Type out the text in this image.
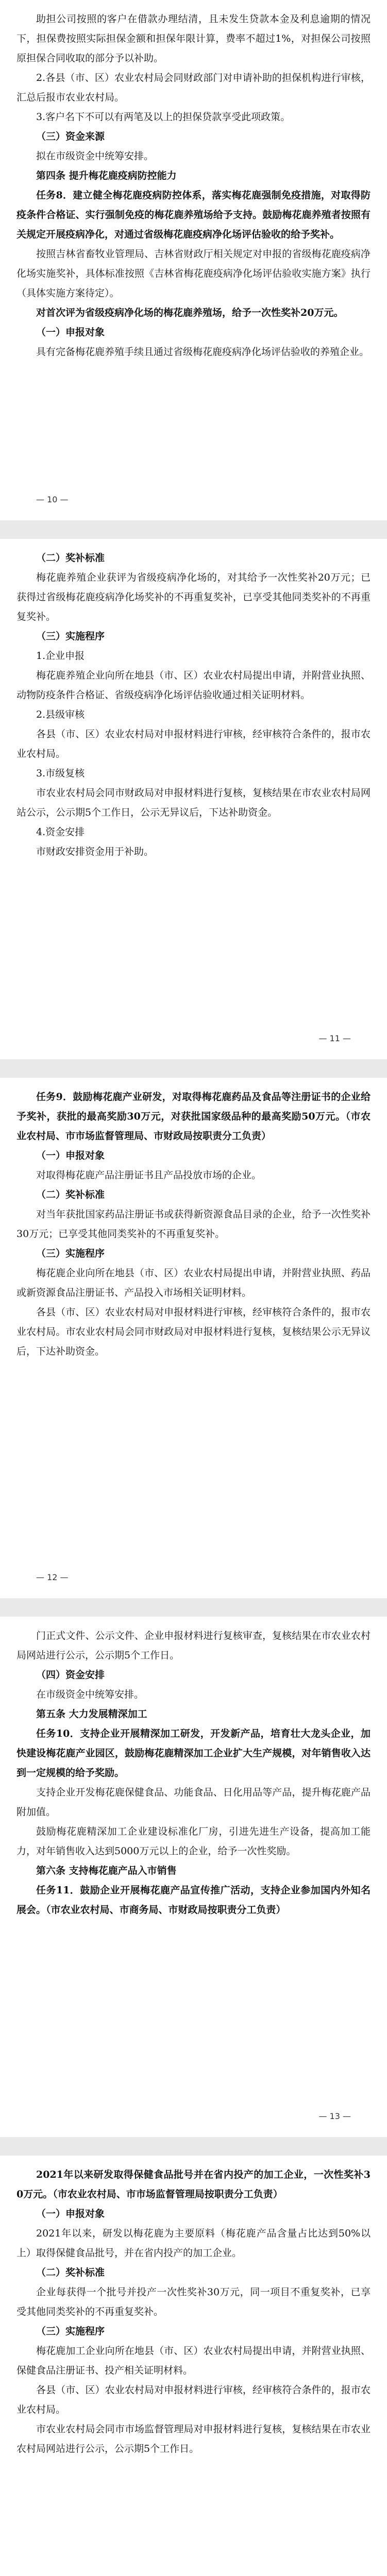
助担公司按照的客户在借款办理结清，且未发生贷款本金及利息逾期的情况下，担保费按照实际担保金额和担保年限计算，费率不超过1%，对担保公司按照原担保合同收取的部分予以补助。

2.各县（市、区）农业农村局会同财政部门对申请补助的担保机构进行审核，汇总后报市农业农村局。

3.客户名下不可以有两笔及以上的担保贷款享受此项政策。

（三）资金来源

拟在市级资金中统筹安排。

第四条 提升梅花鹿疫病防控能力

任务8．建立健全梅花鹿疫病防控体系，落实梅花鹿强制免疫措施，对取得防疫条件合格证、实行强制免疫的梅花鹿养殖场给予支持。鼓励梅花鹿养殖者按照有关规定开展疫病净化，对通过省级梅花鹿疫病净化场评估验收的给予奖补。

按照吉林省畜牧业管理局、吉林省财政厅相关规定对申报的省级梅花鹿疫病净化场实施奖补，具体标准按照《吉林省梅花鹿疫病净化场评估验收实施方案》执行（具体实施方案待定）。

对首次评为省级疫病净化场的梅花鹿养殖场，给予一次性奖补20万元。

（一）申报对象

具有完备梅花鹿养殖手续且通过省级梅花鹿疫病净化场评估验收的养殖企业。

— 10 —

（二）奖补标准

梅花鹿养殖企业获评为省级疫病净化场的，对其给予一次性奖补20万元；已获得过省级梅花鹿疫病净化场奖补的不再重复奖补，已享受其他同类奖补的不再重复奖补。

（三）实施程序

1.企业申报

梅花鹿养殖企业向所在地县（市、区）农业农村局提出申请，并附营业执照、动物防疫条件合格证、省级疫病净化场评估验收通过相关证明材料。

2.县级审核

各县（市、区）农业农村局对申报材料进行审核，经审核符合条件的，报市农业农村局。

3.市级复核

市农业农村局会同市财政局对申报材料进行复核，复核结果在市农业农村局网站公示，公示期5个工作日，公示无异议后，下达补助资金。

4.资金安排

市财政安排资金用于补助。

— 11 —

任务9．鼓励梅花鹿产业研发，对取得梅花鹿药品及食品等注册证书的企业给予奖补，获批的最高奖励30万元，对获批国家级品种的最高奖励50万元。（市农业农村局、市市场监督管理局、市财政局按职责分工负责）

（一）申报对象

对取得梅花鹿产品注册证书且产品投放市场的企业。

（二）奖补标准

对当年获批国家药品注册证书或获得新资源食品目录的企业，给予一次性奖补30万元；已享受其他同类奖补的不再重复奖补。

（三）实施程序

梅花鹿企业向所在地县（市、区）农业农村局提出申请，并附营业执照、药品或新资源食品注册证书、产品投入市场相关证明材料。

各县（市、区）农业农村局对申报材料进行审核，经审核符合条件的，报市农业农村局。市农业农村局会同市财政局对申报材料进行复核，复核结果公示无异议后，下达补助资金。

— 12 —

门正式文件、公示文件、企业申报材料进行复核审查，复核结果在市农业农村局网站进行公示，公示期5个工作日。

（四）资金安排

在市级资金中统筹安排。

第五条 大力发展精深加工

任务10．支持企业开展精深加工研发，开发新产品，培育壮大龙头企业，加快建设梅花鹿产业园区，鼓励梅花鹿精深加工企业扩大生产规模，对年销售收入达到一定规模的给予奖励。

支持企业开发梅花鹿保健食品、功能食品、日化用品等产品，提升梅花鹿产品附加值。

鼓励梅花鹿精深加工企业建设标准化厂房，引进先进生产设备，提高加工能力，对年销售收入达到5000万元以上的企业，给予一次性奖励。

第六条 支持梅花鹿产品入市销售

任务11．鼓励企业开展梅花鹿产品宣传推广活动，支持企业参加国内外知名展会。（市农业农村局、市商务局、市财政局按职责分工负责）

— 13 —

2021年以来研发取得保健食品批号并在省内投产的加工企业，一次性奖补30万元。（市农业农村局、市市场监督管理局按职责分工负责）

（一）申报对象

2021年以来，研发以梅花鹿为主要原料（梅花鹿产品含量占比达到50%以上）取得保健食品批号，并在省内投产的加工企业。

（二）奖补标准

企业每获得一个批号并投产一次性奖补30万元，同一项目不重复奖补，已享受其他同类奖补的不再重复奖补。

（三）实施程序

梅花鹿加工企业向所在地县（市、区）农业农村局提出申请，并附营业执照、保健食品注册证书、投产相关证明材料。

各县（市、区）农业农村局对申报材料进行审核，经审核符合条件的，报市农业农村局。

市农业农村局会同市市场监督管理局对申报材料进行复核，复核结果在市农业农村局网站进行公示，公示期5个工作日。
